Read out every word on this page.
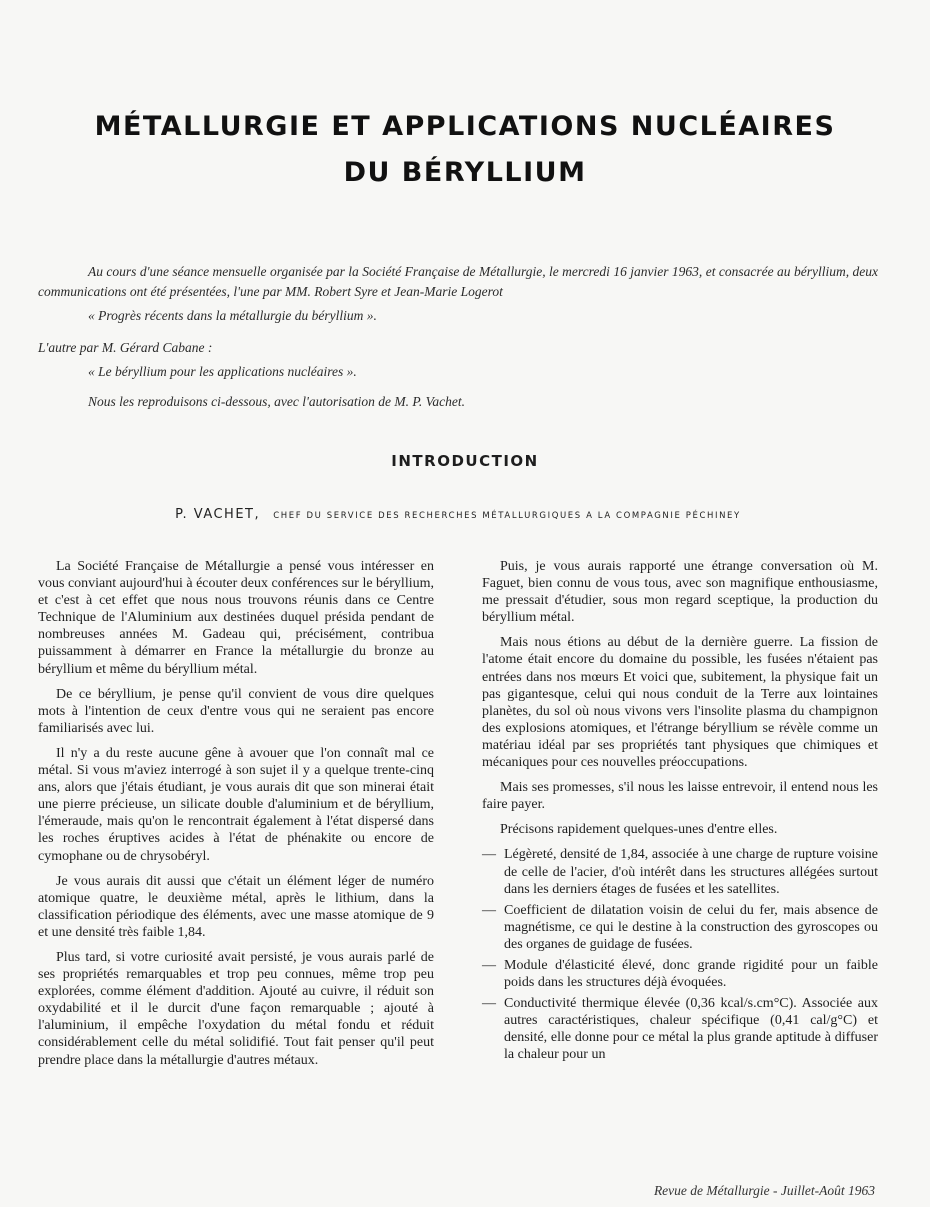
MÉTALLURGIE ET APPLICATIONS NUCLÉAIRES
DU BÉRYLLIUM

Au cours d'une séance mensuelle organisée par la Société Française de Métallurgie, le mercredi 16 janvier 1963, et consacrée au béryllium, deux communications ont été présentées, l'une par MM. Robert Syre et Jean-Marie Logerot

« Progrès récents dans la métallurgie du béryllium ».

L'autre par M. Gérard Cabane :

« Le béryllium pour les applications nucléaires ».

Nous les reproduisons ci-dessous, avec l'autorisation de M. P. Vachet.

INTRODUCTION
P. VACHET, CHEF DU SERVICE DES RECHERCHES MÉTALLURGIQUES A LA COMPAGNIE PÉCHINEY

La Société Française de Métallurgie a pensé vous intéresser en vous conviant aujourd'hui à écouter deux conférences sur le béryllium, et c'est à cet effet que nous nous trouvons réunis dans ce Centre Technique de l'Aluminium aux destinées duquel présida pendant de nombreuses années M. Gadeau qui, précisément, contribua puissamment à démarrer en France la métallurgie du bronze au béryllium et même du béryllium métal.

De ce béryllium, je pense qu'il convient de vous dire quelques mots à l'intention de ceux d'entre vous qui ne seraient pas encore familiarisés avec lui.

Il n'y a du reste aucune gêne à avouer que l'on connaît mal ce métal. Si vous m'aviez interrogé à son sujet il y a quelque trente-cinq ans, alors que j'étais étudiant, je vous aurais dit que son minerai était une pierre précieuse, un silicate double d'aluminium et de béryllium, l'émeraude, mais qu'on le rencontrait également à l'état dispersé dans les roches éruptives acides à l'état de phénakite ou encore de cymophane ou de chrysobéryl.

Je vous aurais dit aussi que c'était un élément léger de numéro atomique quatre, le deuxième métal, après le lithium, dans la classification périodique des éléments, avec une masse atomique de 9 et une densité très faible 1,84.

Plus tard, si votre curiosité avait persisté, je vous aurais parlé de ses propriétés remarquables et trop peu connues, même trop peu explorées, comme élément d'addition. Ajouté au cuivre, il réduit son oxydabilité et il le durcit d'une façon remarquable ; ajouté à l'aluminium, il empêche l'oxydation du métal fondu et réduit considérablement celle du métal solidifié. Tout fait penser qu'il peut prendre place dans la métallurgie d'autres métaux.

Puis, je vous aurais rapporté une étrange conversation où M. Faguet, bien connu de vous tous, avec son magnifique enthousiasme, me pressait d'étudier, sous mon regard sceptique, la production du béryllium métal.

Mais nous étions au début de la dernière guerre. La fission de l'atome était encore du domaine du possible, les fusées n'étaient pas entrées dans nos mœurs Et voici que, subitement, la physique fait un pas gigantesque, celui qui nous conduit de la Terre aux lointaines planètes, du sol où nous vivons vers l'insolite plasma du champignon des explosions atomiques, et l'étrange béryllium se révèle comme un matériau idéal par ses propriétés tant physiques que chimiques et mécaniques pour ces nouvelles préoccupations.

Mais ses promesses, s'il nous les laisse entrevoir, il entend nous les faire payer.

Précisons rapidement quelques-unes d'entre elles.

— Légèreté, densité de 1,84, associée à une charge de rupture voisine de celle de l'acier, d'où intérêt dans les structures allégées surtout dans les derniers étages de fusées et les satellites.
— Coefficient de dilatation voisin de celui du fer, mais absence de magnétisme, ce qui le destine à la construction des gyroscopes ou des organes de guidage de fusées.
— Module d'élasticité élevé, donc grande rigidité pour un faible poids dans les structures déjà évoquées.
— Conductivité thermique élevée (0,36 kcal/s.cm°C). Associée aux autres caractéristiques, chaleur spécifique (0,41 cal/g°C) et densité, elle donne pour ce métal la plus grande aptitude à diffuser la chaleur pour un
Revue de Métallurgie - Juillet-Août 1963
